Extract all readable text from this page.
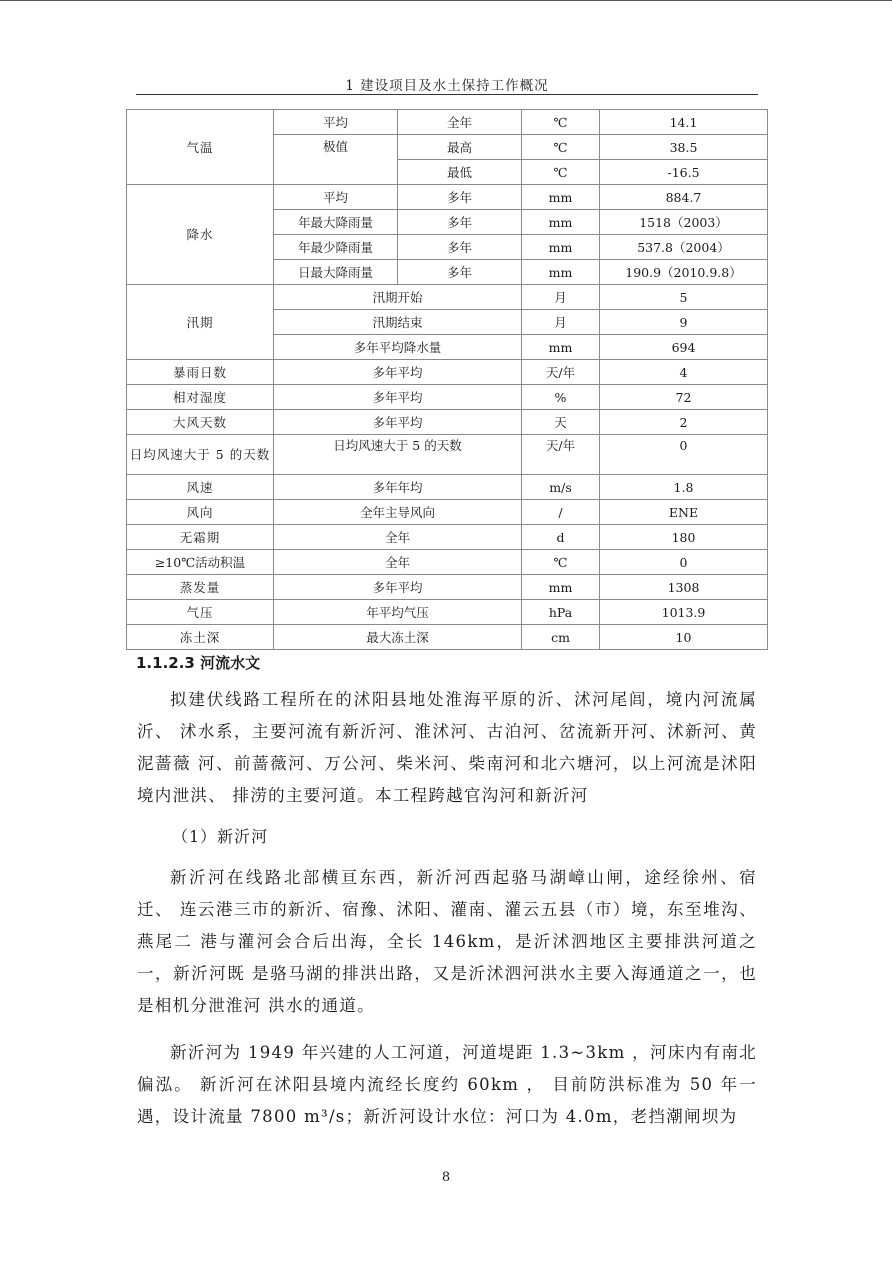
1 建设项目及水土保持工作概况
气温	平均	全年	℃	14.1
	极值	最高	℃	38.5
		最低	℃	-16.5
降水	平均	多年	mm	884.7
	年最大降雨量	多年	mm	1518（2003）
	年最少降雨量	多年	mm	537.8（2004）
	日最大降雨量	多年	mm	190.9（2010.9.8）
汛期	汛期开始		月	5
	汛期结束		月	9
	多年平均降水量		mm	694
暴雨日数	多年平均		天/年	4
相对湿度	多年平均		%	72
大风天数	多年平均		天	2
日均风速大于 5 的天数	日均风速大于 5 的天数		天/年	0
风速	多年年均		m/s	1.8
风向	全年主导风向		/	ENE
无霜期	全年		d	180
≥10℃活动积温	全年		℃	0
蒸发量	多年平均		mm	1308
气压	年平均气压		hPa	1013.9
冻土深	最大冻土深		cm	10
1.1.2.3 河流水文

拟建伏线路工程所在的沭阳县地处淮海平原的沂、沭河尾闾，境内河流属沂、 沭水系，主要河流有新沂河、淮沭河、古泊河、岔流新开河、沭新河、黄泥蔷薇 河、前蔷薇河、万公河、柴米河、柴南河和北六塘河，以上河流是沭阳境内泄洪、 排涝的主要河道。本工程跨越官沟河和新沂河

（1）新沂河

新沂河在线路北部横亘东西，新沂河西起骆马湖嶂山闸，途经徐州、宿迁、 连云港三市的新沂、宿豫、沭阳、灌南、灌云五县（市）境，东至堆沟、燕尾二 港与灌河会合后出海，全长 146km，是沂沭泗地区主要排洪河道之一，新沂河既 是骆马湖的排洪出路，又是沂沭泗河洪水主要入海通道之一，也是相机分泄淮河 洪水的通道。

新沂河为 1949 年兴建的人工河道，河道堤距 1.3~3km ，河床内有南北偏泓。 新沂河在沭阳县境内流经长度约 60km ， 目前防洪标准为 50 年一遇，设计流量 7800 m³/s；新沂河设计水位：河口为 4.0m，老挡潮闸坝为

8
